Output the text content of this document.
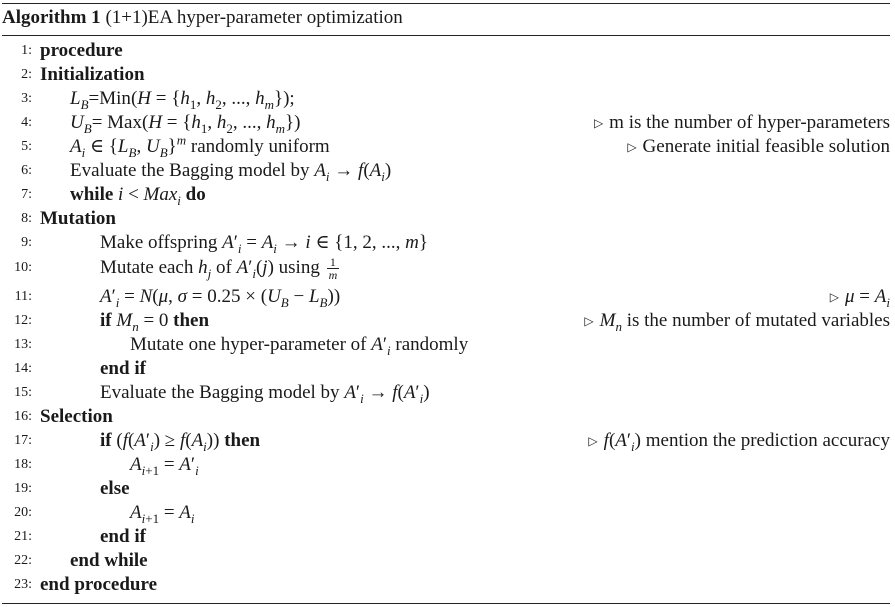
Algorithm 1 (1+1)EA hyper-parameter optimization
1: procedure
2: Initialization
3: $L_B=Min(H = \{h_1$, $h_2$, ..., $h_m$});
4: $U_B= Max(H = \{h_1$, $h_2$, ..., $h_m$})	▷ m is the number of hyper-parameters
5: $A_i$ ∈ {$L_B$, $U_B\}^m$ randomly uniform	▷ Generate initial feasible solution
6: Evaluate the Bagging model by $A_i \to f(A_i)$
7: while i < Max$_i$ do
8: Mutation
9:	Make offspring $A'_i = A_i \to i$ ∈ {1, 2, ..., m}
10:	Mutate each $h_j$ of $A'_i(j)$ using $\frac{1}{m}$
11:	$A'_i = N(\mu$, $\sigma = 0.25 \times (U_B - L_B)$)	▷ $\mu = A_i$
12:	if $M_n = 0$ then	▷ $M_n$ is the number of mutated variables
13:	Mutate one hyper-parameter of $A'_i$ randomly
14:	end if
15:	Evaluate the Bagging model by $A'_i \to f(A'_i)$
16: Selection
17:	if $(f(A'_i) \ge f(A_i))$ then	▷ $f(A'_i)$ mention the prediction accuracy
18:	$A_{i+1} = A'_i$
19:	else
20:	$A_{i+1} = A_i$
21:	end if
22: end while
23: end procedure
